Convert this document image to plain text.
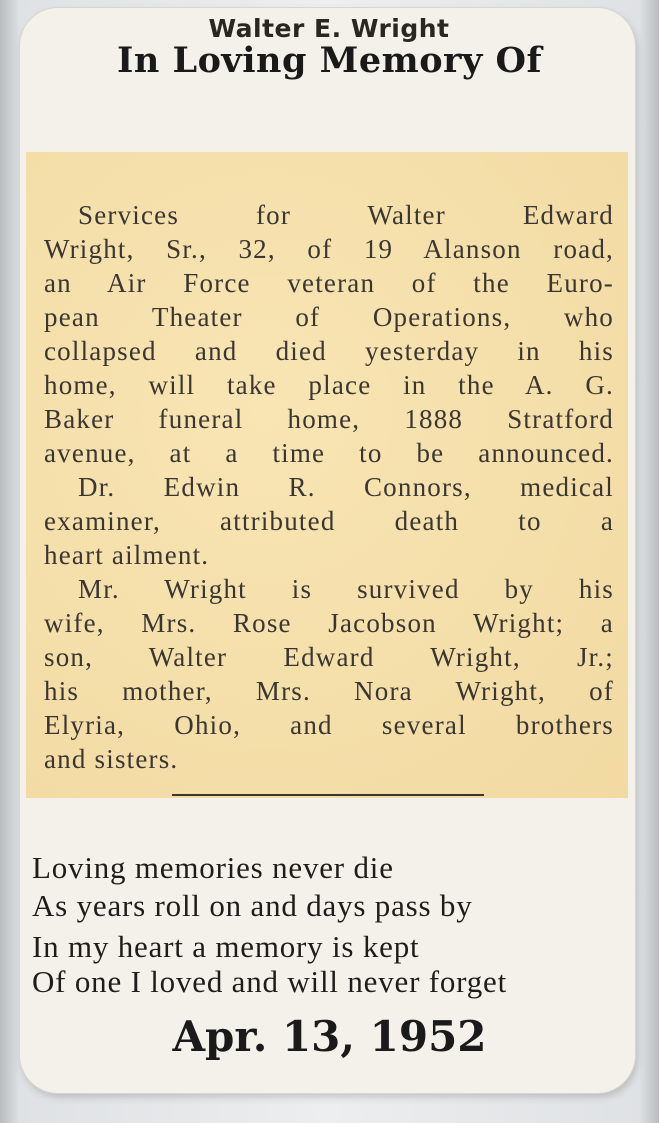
In Loving Memory Of
Walter E. Wright
Services for Walter Edward
Wright, Sr., 32, of 19 Alanson road,
an Air Force veteran of the Euro-
pean Theater of Operations, who
collapsed and died yesterday in his
home, will take place in the A. G.
Baker funeral home, 1888 Stratford
avenue, at a time to be announced.
Dr. Edwin R. Connors, medical
examiner, attributed death to a
heart ailment.
Mr. Wright is survived by his
wife, Mrs. Rose Jacobson Wright; a
son, Walter Edward Wright, Jr.;
his mother, Mrs. Nora Wright, of
Elyria, Ohio, and several brothers
and sisters.
Loving memories never die
As years roll on and days pass by
In my heart a memory is kept
Of one I loved and will never forget
Apr. 13, 1952
